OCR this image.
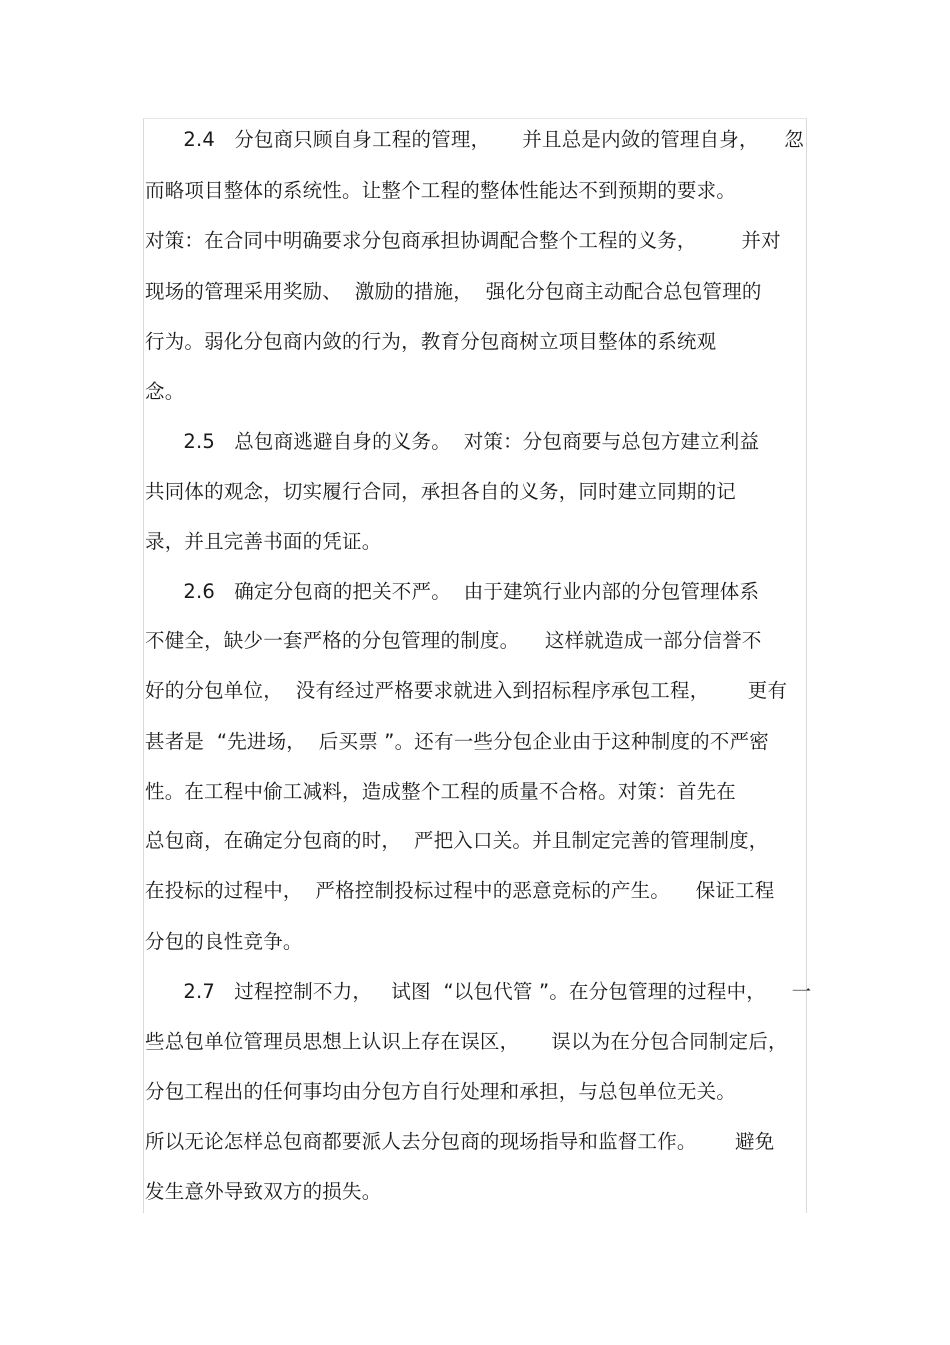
2.4   分包商只顾自身工程的管理，     并且总是内敛的管理自身，    忽
而略项目整体的系统性。让整个工程的整体性能达不到预期的要求。
对策：在合同中明确要求分包商承担协调配合整个工程的义务，       并对
现场的管理采用奖励、  激励的措施，  强化分包商主动配合总包管理的
行为。弱化分包商内敛的行为，教育分包商树立项目整体的系统观
念。
2.5   总包商逃避自身的义务。  对策：分包商要与总包方建立利益
共同体的观念，切实履行合同，承担各自的义务，同时建立同期的记
录，并且完善书面的凭证。
2.6   确定分包商的把关不严。  由于建筑行业内部的分包管理体系
不健全，缺少一套严格的分包管理的制度。    这样就造成一部分信誉不
好的分包单位，  没有经过严格要求就进入到招标程序承包工程，      更有
甚者是  “先进场，  后买票 ”。还有一些分包企业由于这种制度的不严密
性。在工程中偷工减料，造成整个工程的质量不合格。对策：首先在
总包商，在确定分包商的时，  严把入口关。并且制定完善的管理制度，
在投标的过程中，  严格控制投标过程中的恶意竞标的产生。    保证工程
分包的良性竞争。
2.7   过程控制不力，   试图  “以包代管 ”。在分包管理的过程中，    一
些总包单位管理员思想上认识上存在误区，     误以为在分包合同制定后，
分包工程出的任何事均由分包方自行处理和承担，与总包单位无关。
所以无论怎样总包商都要派人去分包商的现场指导和监督工作。      避免
发生意外导致双方的损失。
